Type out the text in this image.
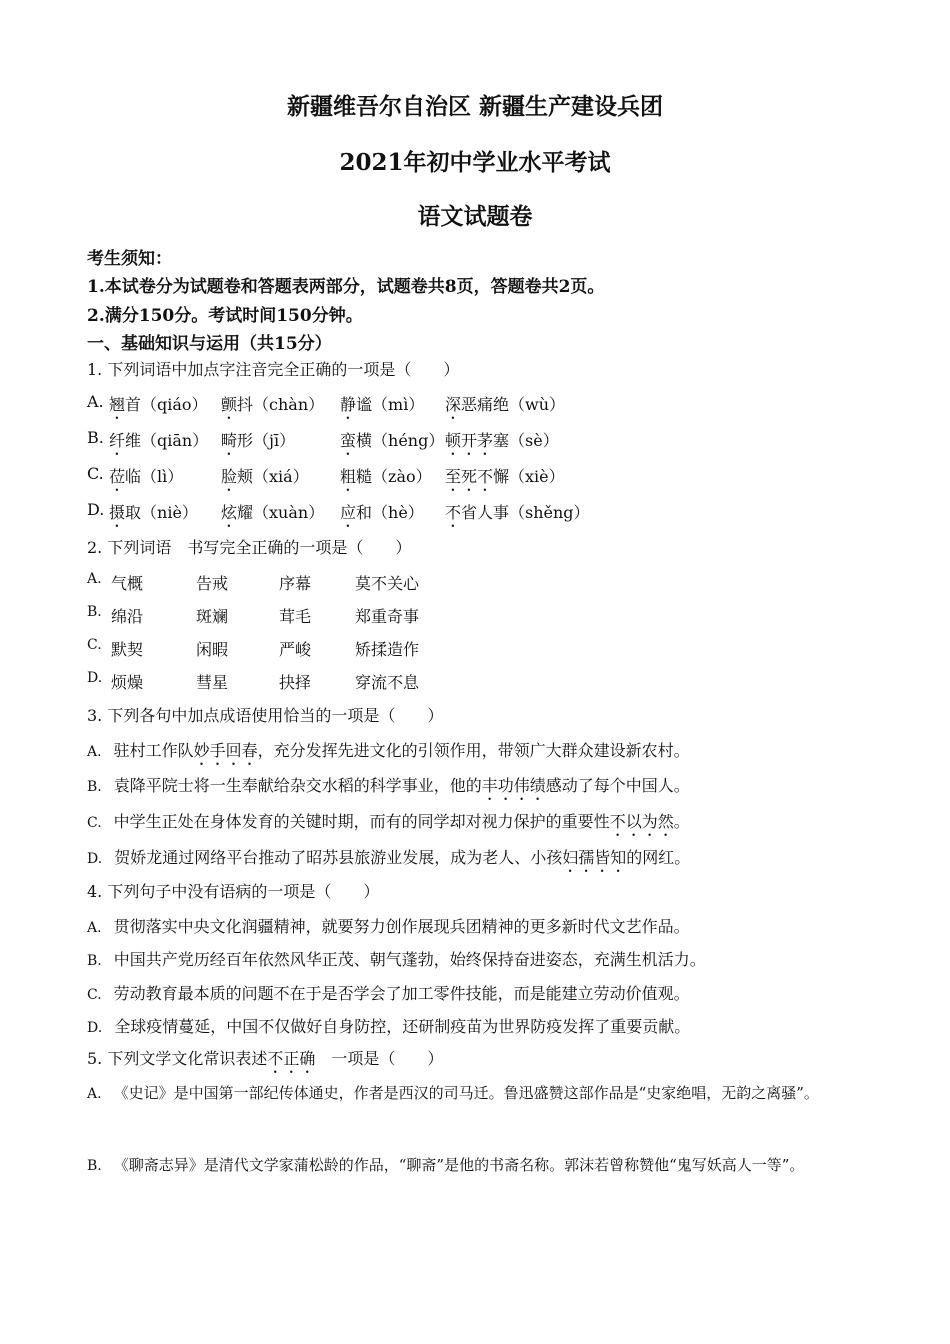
新疆维吾尔自治区 新疆生产建设兵团
2021年初中学业水平考试
语文试题卷
考生须知：
1.本试卷分为试题卷和答题表两部分，试题卷共8页，答题卷共2页。
2.满分150分。考试时间150分钟。
一、基础知识与运用（共15分）
1. 下列词语中加点字注音完全正确的一项是（　　）
A. 翘首（qiáo） 颤抖（chàn） 静谧（mì） 深恶痛绝（wù）
B. 纤维（qiān） 畸形（jī）	蛮横（héng） 顿开茅塞（sè）
C. 莅临（lì） 脸颊（xiá） 粗糙（zào） 至死不懈（xiè）
D. 摄取（niè） 炫耀（xuàn） 应和（hè） 不省人事（shěng）
2. 下列词语　书写完全正确的一项是（　　）
A. 气概	告戒	序幕	莫不关心
B. 绵沿	斑斓	茸毛	郑重奇事
C. 默契	闲暇	严峻	矫揉造作
D. 烦燥	彗星	抉择	穿流不息
3. 下列各句中加点成语使用恰当的一项是（　　）
A. 驻村工作队妙手回春，充分发挥先进文化的引领作用，带领广大群众建设新农村。
B. 袁降平院士将一生奉献给杂交水稻的科学事业，他的丰功伟绩感动了每个中国人。
C. 中学生正处在身体发育的关键时期，而有的同学却对视力保护的重要性不以为然。
D. 贺娇龙通过网络平台推动了昭苏县旅游业发展，成为老人、小孩妇孺皆知的网红。
4. 下列句子中没有语病的一项是（　　）
A. 贯彻落实中央文化润疆精神，就要努力创作展现兵团精神的更多新时代文艺作品。
B. 中国共产党历经百年依然风华正茂、朝气蓬勃，始终保持奋进姿态，充满生机活力。
C. 劳动教育最本质的问题不在于是否学会了加工零件技能，而是能建立劳动价值观。
D. 全球疫情蔓延，中国不仅做好自身防控，还研制疫苗为世界防疫发挥了重要贡献。
5. 下列文学文化常识表述不正确　一项是（　　）
A. 《史记》是中国第一部纪传体通史，作者是西汉的司马迁。鲁迅盛赞这部作品是“史家绝唱，无韵之离骚”。
B. 《聊斋志异》是清代文学家蒲松龄的作品，“聊斋”是他的书斋名称。郭沫若曾称赞他“鬼写妖高人一等”。
